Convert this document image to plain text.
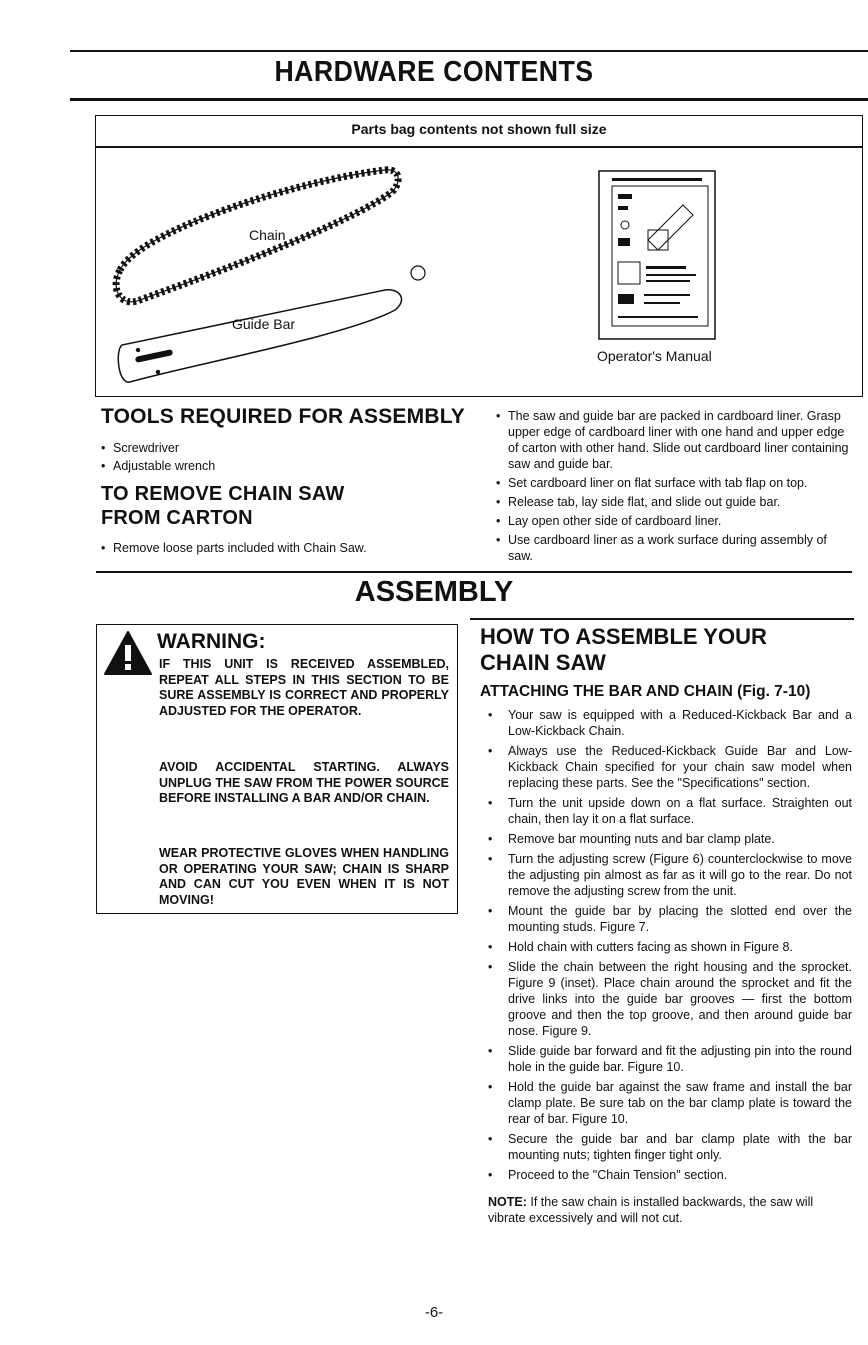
HARDWARE CONTENTS
Parts bag contents not shown full size
Chain
Guide Bar
Operator's Manual
TOOLS REQUIRED FOR ASSEMBLY
• Screwdriver
• Adjustable wrench
TO REMOVE CHAIN SAW
FROM CARTON
• Remove loose parts included with Chain Saw.
• The saw and guide bar are packed in cardboard liner. Grasp upper edge of cardboard liner with one hand and upper edge of carton with other hand. Slide out cardboard liner containing saw and guide bar.
• Set cardboard liner on flat surface with tab flap on top.
• Release tab, lay side flat, and slide out guide bar.
• Lay open other side of cardboard liner.
• Use cardboard liner as a work surface during assembly of saw.
ASSEMBLY
WARNING:
IF THIS UNIT IS RECEIVED ASSEMBLED, REPEAT ALL STEPS IN THIS SECTION TO BE SURE ASSEMBLY IS CORRECT AND PROPERLY ADJUSTED FOR THE OPERATOR.
AVOID ACCIDENTAL STARTING. ALWAYS UNPLUG THE SAW FROM THE POWER SOURCE BEFORE INSTALLING A BAR AND/OR CHAIN.
WEAR PROTECTIVE GLOVES WHEN HANDLING OR OPERATING YOUR SAW; CHAIN IS SHARP AND CAN CUT YOU EVEN WHEN IT IS NOT MOVING!
HOW TO ASSEMBLE YOUR
CHAIN SAW
ATTACHING THE BAR AND CHAIN (Fig. 7-10)
• Your saw is equipped with a Reduced-Kickback Bar and a Low-Kickback Chain.
• Always use the Reduced-Kickback Guide Bar and Low-Kickback Chain specified for your chain saw model when replacing these parts. See the "Specifications" section.
• Turn the unit upside down on a flat surface. Straighten out chain, then lay it on a flat surface.
• Remove bar mounting nuts and bar clamp plate.
• Turn the adjusting screw (Figure 6) counterclockwise to move the adjusting pin almost as far as it will go to the rear. Do not remove the adjusting screw from the unit.
• Mount the guide bar by placing the slotted end over the mounting studs. Figure 7.
• Hold chain with cutters facing as shown in Figure 8.
• Slide the chain between the right housing and the sprocket. Figure 9 (inset). Place chain around the sprocket and fit the drive links into the guide bar grooves — first the bottom groove and then the top groove, and then around guide bar nose. Figure 9.
• Slide guide bar forward and fit the adjusting pin into the round hole in the guide bar. Figure 10.
• Hold the guide bar against the saw frame and install the bar clamp plate. Be sure tab on the bar clamp plate is toward the rear of bar. Figure 10.
• Secure the guide bar and bar clamp plate with the bar mounting nuts; tighten finger tight only.
• Proceed to the "Chain Tension" section.
NOTE: If the saw chain is installed backwards, the saw will vibrate excessively and will not cut.
-6-
